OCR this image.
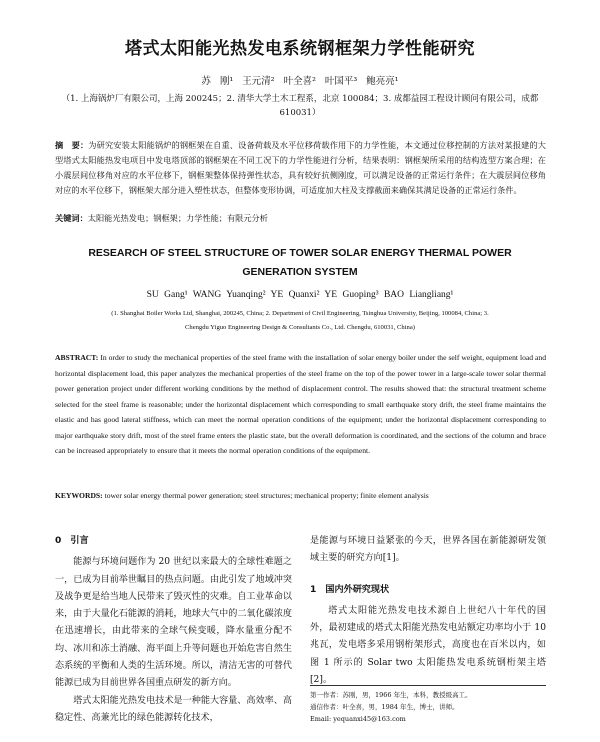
塔式太阳能光热发电系统钢框架力学性能研究
苏 刚¹ 王元清² 叶全喜² 叶国平³ 鲍亮亮¹
（1. 上海锅炉厂有限公司，上海 200245；2. 清华大学土木工程系，北京 100084；3. 成都益园工程设计顾问有限公司，成都 610031）
摘　要：为研究安装太阳能锅炉的钢框架在自重、设备荷载及水平位移荷载作用下的力学性能，本文通过位移控制的方法对某报建的大型塔式太阳能热发电项目中发电塔顶部的钢框架在不同工况下的力学性能进行分析，结果表明：钢框架所采用的结构选型方案合理；在小震层间位移角对应的水平位移下，钢框架整体保持弹性状态，具有较好抗侧刚度，可以满足设备的正常运行条件；在大震层间位移角对应的水平位移下，钢框架大部分进入塑性状态，但整体变形协调，可适度加大柱及支撑截面来确保其满足设备的正常运行条件。
关键词：太阳能光热发电；钢框架；力学性能；有限元分析
RESEARCH OF STEEL STRUCTURE OF TOWER SOLAR ENERGY THERMAL POWER GENERATION SYSTEM
SU Gang¹ WANG Yuanqing² YE Quanxi² YE Guoping³ BAO Liangliang¹
(1. Shanghai Boiler Works Ltd, Shanghai, 200245, China; 2. Department of Civil Engineering, Tsinghua University, Beijing, 100084, China; 3.
Chengdu Yiguo Engineering Design & Consultants Co., Ltd. Chengdu, 610031, China)
ABSTRACT: In order to study the mechanical properties of the steel frame with the installation of solar energy boiler under the self weight, equipment load and horizontal displacement load, this paper analyzes the mechanical properties of the steel frame on the top of the power tower in a large-scale tower solar thermal power generation project under different working conditions by the method of displacement control. The results showed that: the structural treatment scheme selected for the steel frame is reasonable; under the horizontal displacement which corresponding to small earthquake story drift, the steel frame maintains the elastic and has good lateral stiffness, which can meet the normal operation conditions of the equipment; under the horizontal displacement corresponding to major earthquake story drift, most of the steel frame enters the plastic state, but the overall deformation is coordinated, and the sections of the column and brace can be increased appropriately to ensure that it meets the normal operation conditions of the equipment.
KEYWORDS: tower solar energy thermal power generation; steel structures; mechanical property; finite element analysis

0　引言

能源与环境问题作为 20 世纪以来最大的全球性难题之一，已成为目前举世瞩目的热点问题。由此引发了地域冲突及战争更是给当地人民带来了毁灭性的灾难。自工业革命以来，由于大量化石能源的消耗，地球大气中的二氧化碳浓度在迅速增长，由此带来的全球气候变暖，降水量重分配不均、冰川和冻土消融、海平面上升等问题也开始危害自然生态系统的平衡和人类的生活环境。所以，清洁无害的可替代能源已成为目前世界各国重点研发的新方向。

塔式太阳能光热发电技术是一种能大容量、高效率、高稳定性、高兼光比的绿色能源转化技术，

是能源与环境日益紧张的今天，世界各国在新能源研发领域主要的研究方向[1]。

1　国内外研究现状

塔式太阳能光热发电技术源自上世纪八十年代的国外，最初建成的塔式太阳能光热发电站额定功率均小于 10 兆瓦，发电塔多采用钢桁架形式，高度也在百米以内，如图 1 所示的 Solar two 太阳能热发电系统钢桁架主塔[2]。

第一作者：苏刚，男，1966 年生，本科，教授级高工。
通信作者：叶全喜，男，1984 年生，博士，讲师。
Email: yequanxi45@163.com
